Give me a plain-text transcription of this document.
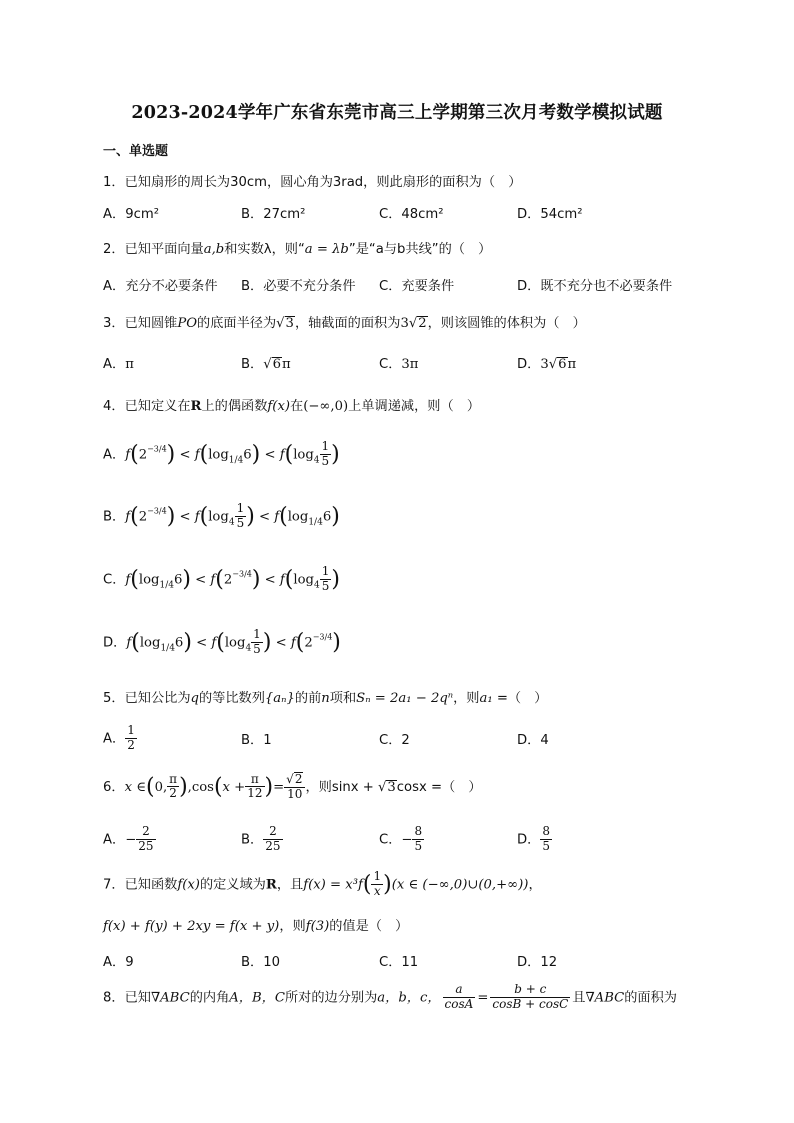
2023-2024学年广东省东莞市高三上学期第三次月考数学模拟试题
一、单选题
1．已知扇形的周长为30cm，圆心角为3rad，则此扇形的面积为（　）
A．9cm²	B．27cm²	C．48cm²	D．54cm²
2．已知平面向量a,b和实数λ，则“a = λb”是“a与b共线”的（　）
A．充分不必要条件 B．必要不充分条件 C．充要条件	D．既不充分也不必要条件
3．已知圆锥PO的底面半径为√3，轴截面的面积为3√2，则该圆锥的体积为（　）
A．π	B．√6π	C．3π	D．3√6π
4．已知定义在R上的偶函数f(x)在(−∞,0)上单调递减，则（　）
A．$f(2^{-3/4}) < f(\log_{1/4}6) < f(\log_4 \frac{1}{5}$ )
B．$f(2^{-3/4}) < f(\log_4 \frac{1}{5}$ ) < $f(\log_{1/4}6)$
C．$f(\log_{1/4}6) < f(2^{-3/4}) < f(\log_4 \frac{1}{5}$ )
D．$f(\log_{1/4}6) < f(\log_4 \frac{1}{5}$ ) < $f(2^{-3/4})$
5．已知公比为q的等比数列{aₙ}的前n项和Sₙ = 2a₁ − 2qⁿ，则a₁ =（　）
A． $\frac{1}{2}$	B．1	C．2	D．4
6．x ∈(0, $\frac{\pi}{2} ),\cos(x + \frac{\pi}{12}$ )= $\frac{√2}{10}$ ，则sinx + √3cosx =（　）
A．− $\frac{2}{25}$	B． $\frac{2}{25}$	C．− $\frac{8}{5}$	D． $\frac{8}{5}$
7．已知函数f(x)的定义域为R，且$f(x) = x^3f( \frac{1}{x} )(x$ ∈ (−∞,0)∪(0,+∞))，
f(x) + f(y) + 2xy = f(x + y)，则f(3)的值是（　）
A．9	B．10	C．11	D．12
8．已知∇ABC的内角A，B，C所对的边分别为a，b，c， $\frac{a}{\cos A} = \frac{b + c}{\cos B + \cos C}$ 且∇ABC的面积为
